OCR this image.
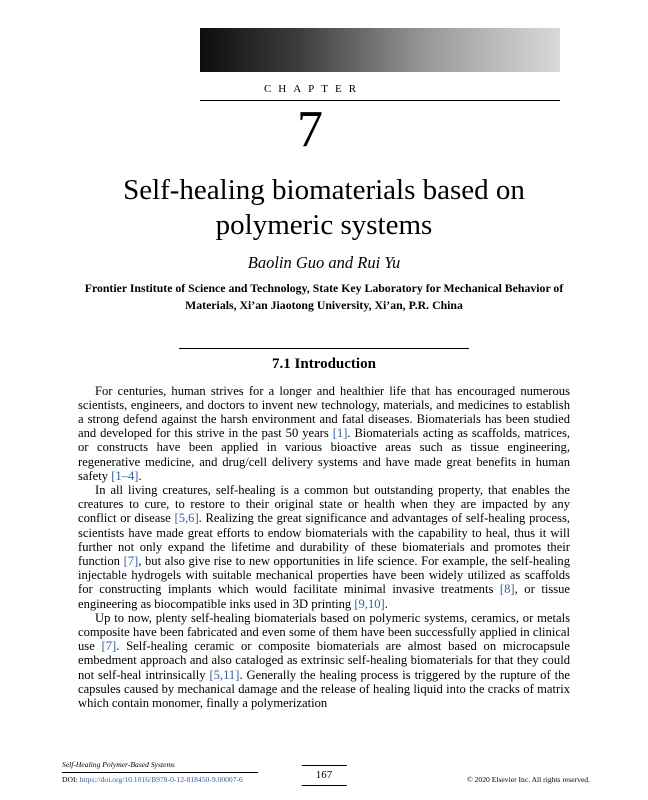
CHAPTER
7
Self-healing biomaterials based on polymeric systems
Baolin Guo and Rui Yu
Frontier Institute of Science and Technology, State Key Laboratory for Mechanical Behavior of Materials, Xi’an Jiaotong University, Xi’an, P.R. China
7.1 Introduction

For centuries, human strives for a longer and healthier life that has encouraged numerous scientists, engineers, and doctors to invent new technology, materials, and medicines to establish a strong defend against the harsh environment and fatal diseases. Biomaterials has been studied and developed for this strive in the past 50 years [1]. Biomaterials acting as scaffolds, matrices, or constructs have been applied in various bioactive areas such as tissue engineering, regenerative medicine, and drug/cell delivery systems and have made great benefits in human safety [1–4].

In all living creatures, self-healing is a common but outstanding property, that enables the creatures to cure, to restore to their original state or health when they are impacted by any conflict or disease [5,6]. Realizing the great significance and advantages of self-healing process, scientists have made great efforts to endow biomaterials with the capability to heal, thus it will further not only expand the lifetime and durability of these biomaterials and promotes their function [7], but also give rise to new opportunities in life science. For example, the self-healing injectable hydrogels with suitable mechanical properties have been widely utilized as scaffolds for constructing implants which would facilitate minimal invasive treatments [8], or tissue engineering as biocompatible inks used in 3D printing [9,10].

Up to now, plenty self-healing biomaterials based on polymeric systems, ceramics, or metals composite have been fabricated and even some of them have been successfully applied in clinical use [7]. Self-healing ceramic or composite biomaterials are almost based on microcapsule embedment approach and also cataloged as extrinsic self-healing biomaterials for that they could not self-heal intrinsically [5,11]. Generally the healing process is triggered by the rupture of the capsules caused by mechanical damage and the release of healing liquid into the cracks of matrix which contain monomer, finally a polymerization

Self-Healing Polymer-Based Systems
DOI: https://doi.org/10.1016/B978-0-12-818450-9.00007-6	© 2020 Elsevier Inc. All rights reserved.
167
